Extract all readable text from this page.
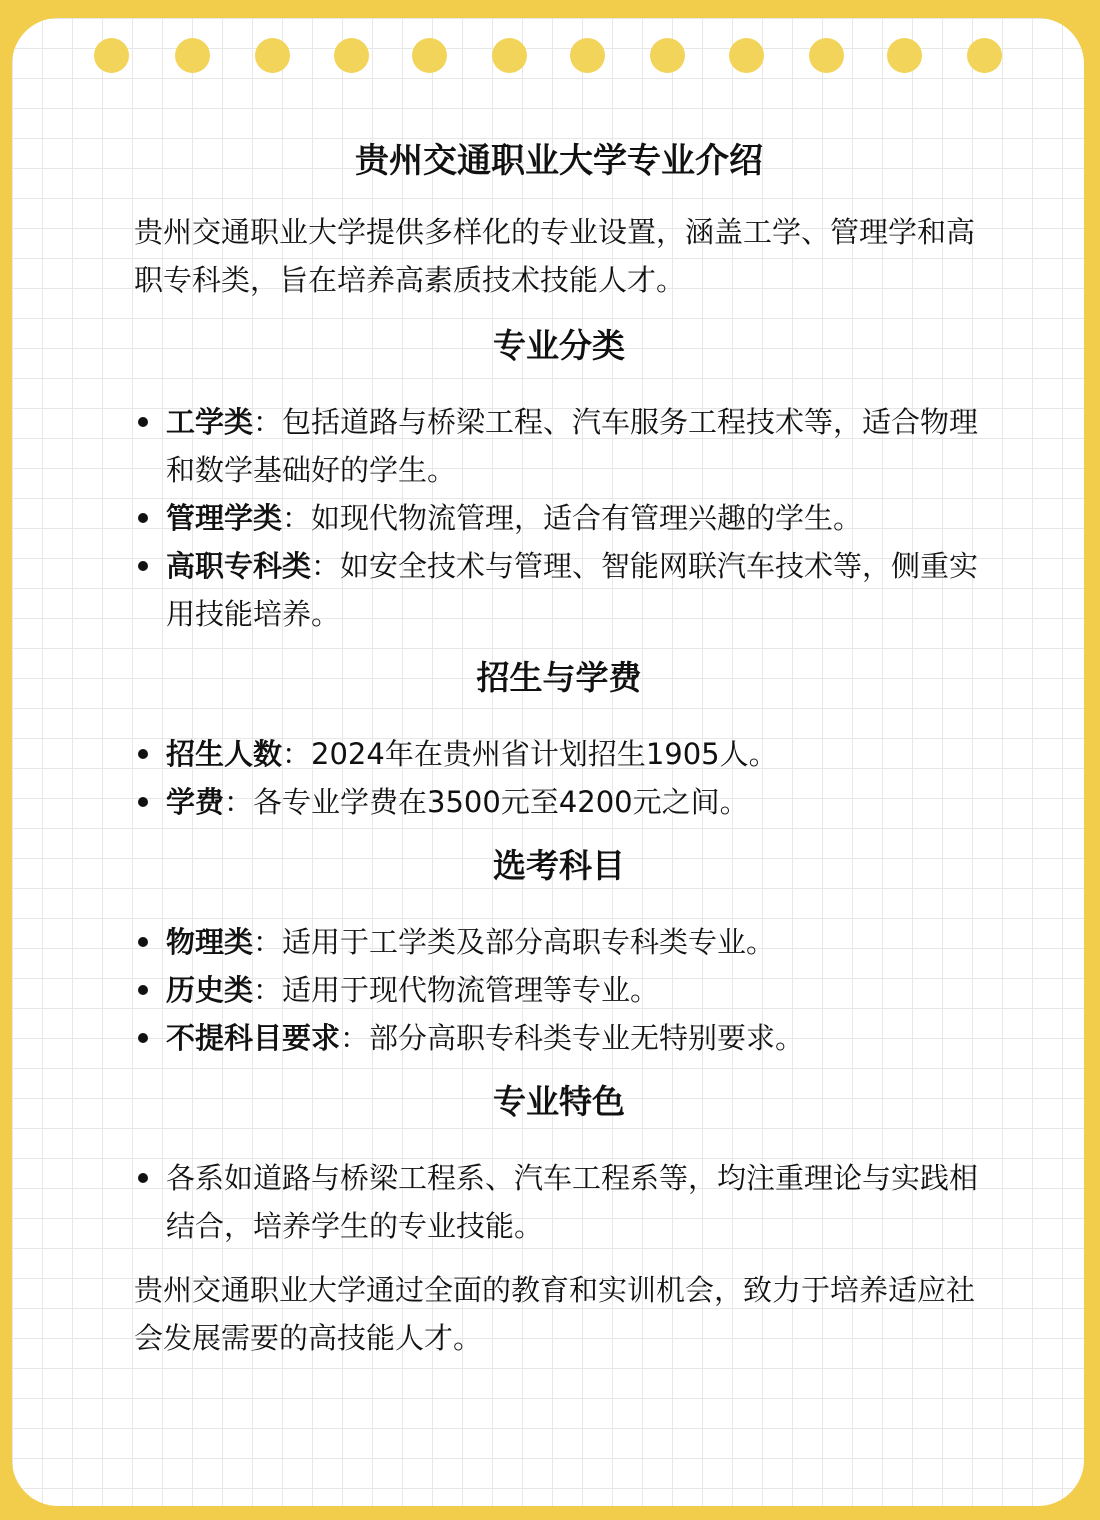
贵州交通职业大学专业介绍

贵州交通职业大学提供多样化的专业设置，涵盖工学、管理学和高职专科类，旨在培养高素质技术技能人才。

专业分类
工学类：包括道路与桥梁工程、汽车服务工程技术等，适合物理和数学基础好的学生。
管理学类：如现代物流管理，适合有管理兴趣的学生。
高职专科类：如安全技术与管理、智能网联汽车技术等，侧重实用技能培养。
招生与学费
招生人数：2024年在贵州省计划招生1905人。
学费：各专业学费在3500元至4200元之间。
选考科目
物理类：适用于工学类及部分高职专科类专业。
历史类：适用于现代物流管理等专业。
不提科目要求：部分高职专科类专业无特别要求。
专业特色
各系如道路与桥梁工程系、汽车工程系等，均注重理论与实践相结合，培养学生的专业技能。

贵州交通职业大学通过全面的教育和实训机会，致力于培养适应社会发展需要的高技能人才。
